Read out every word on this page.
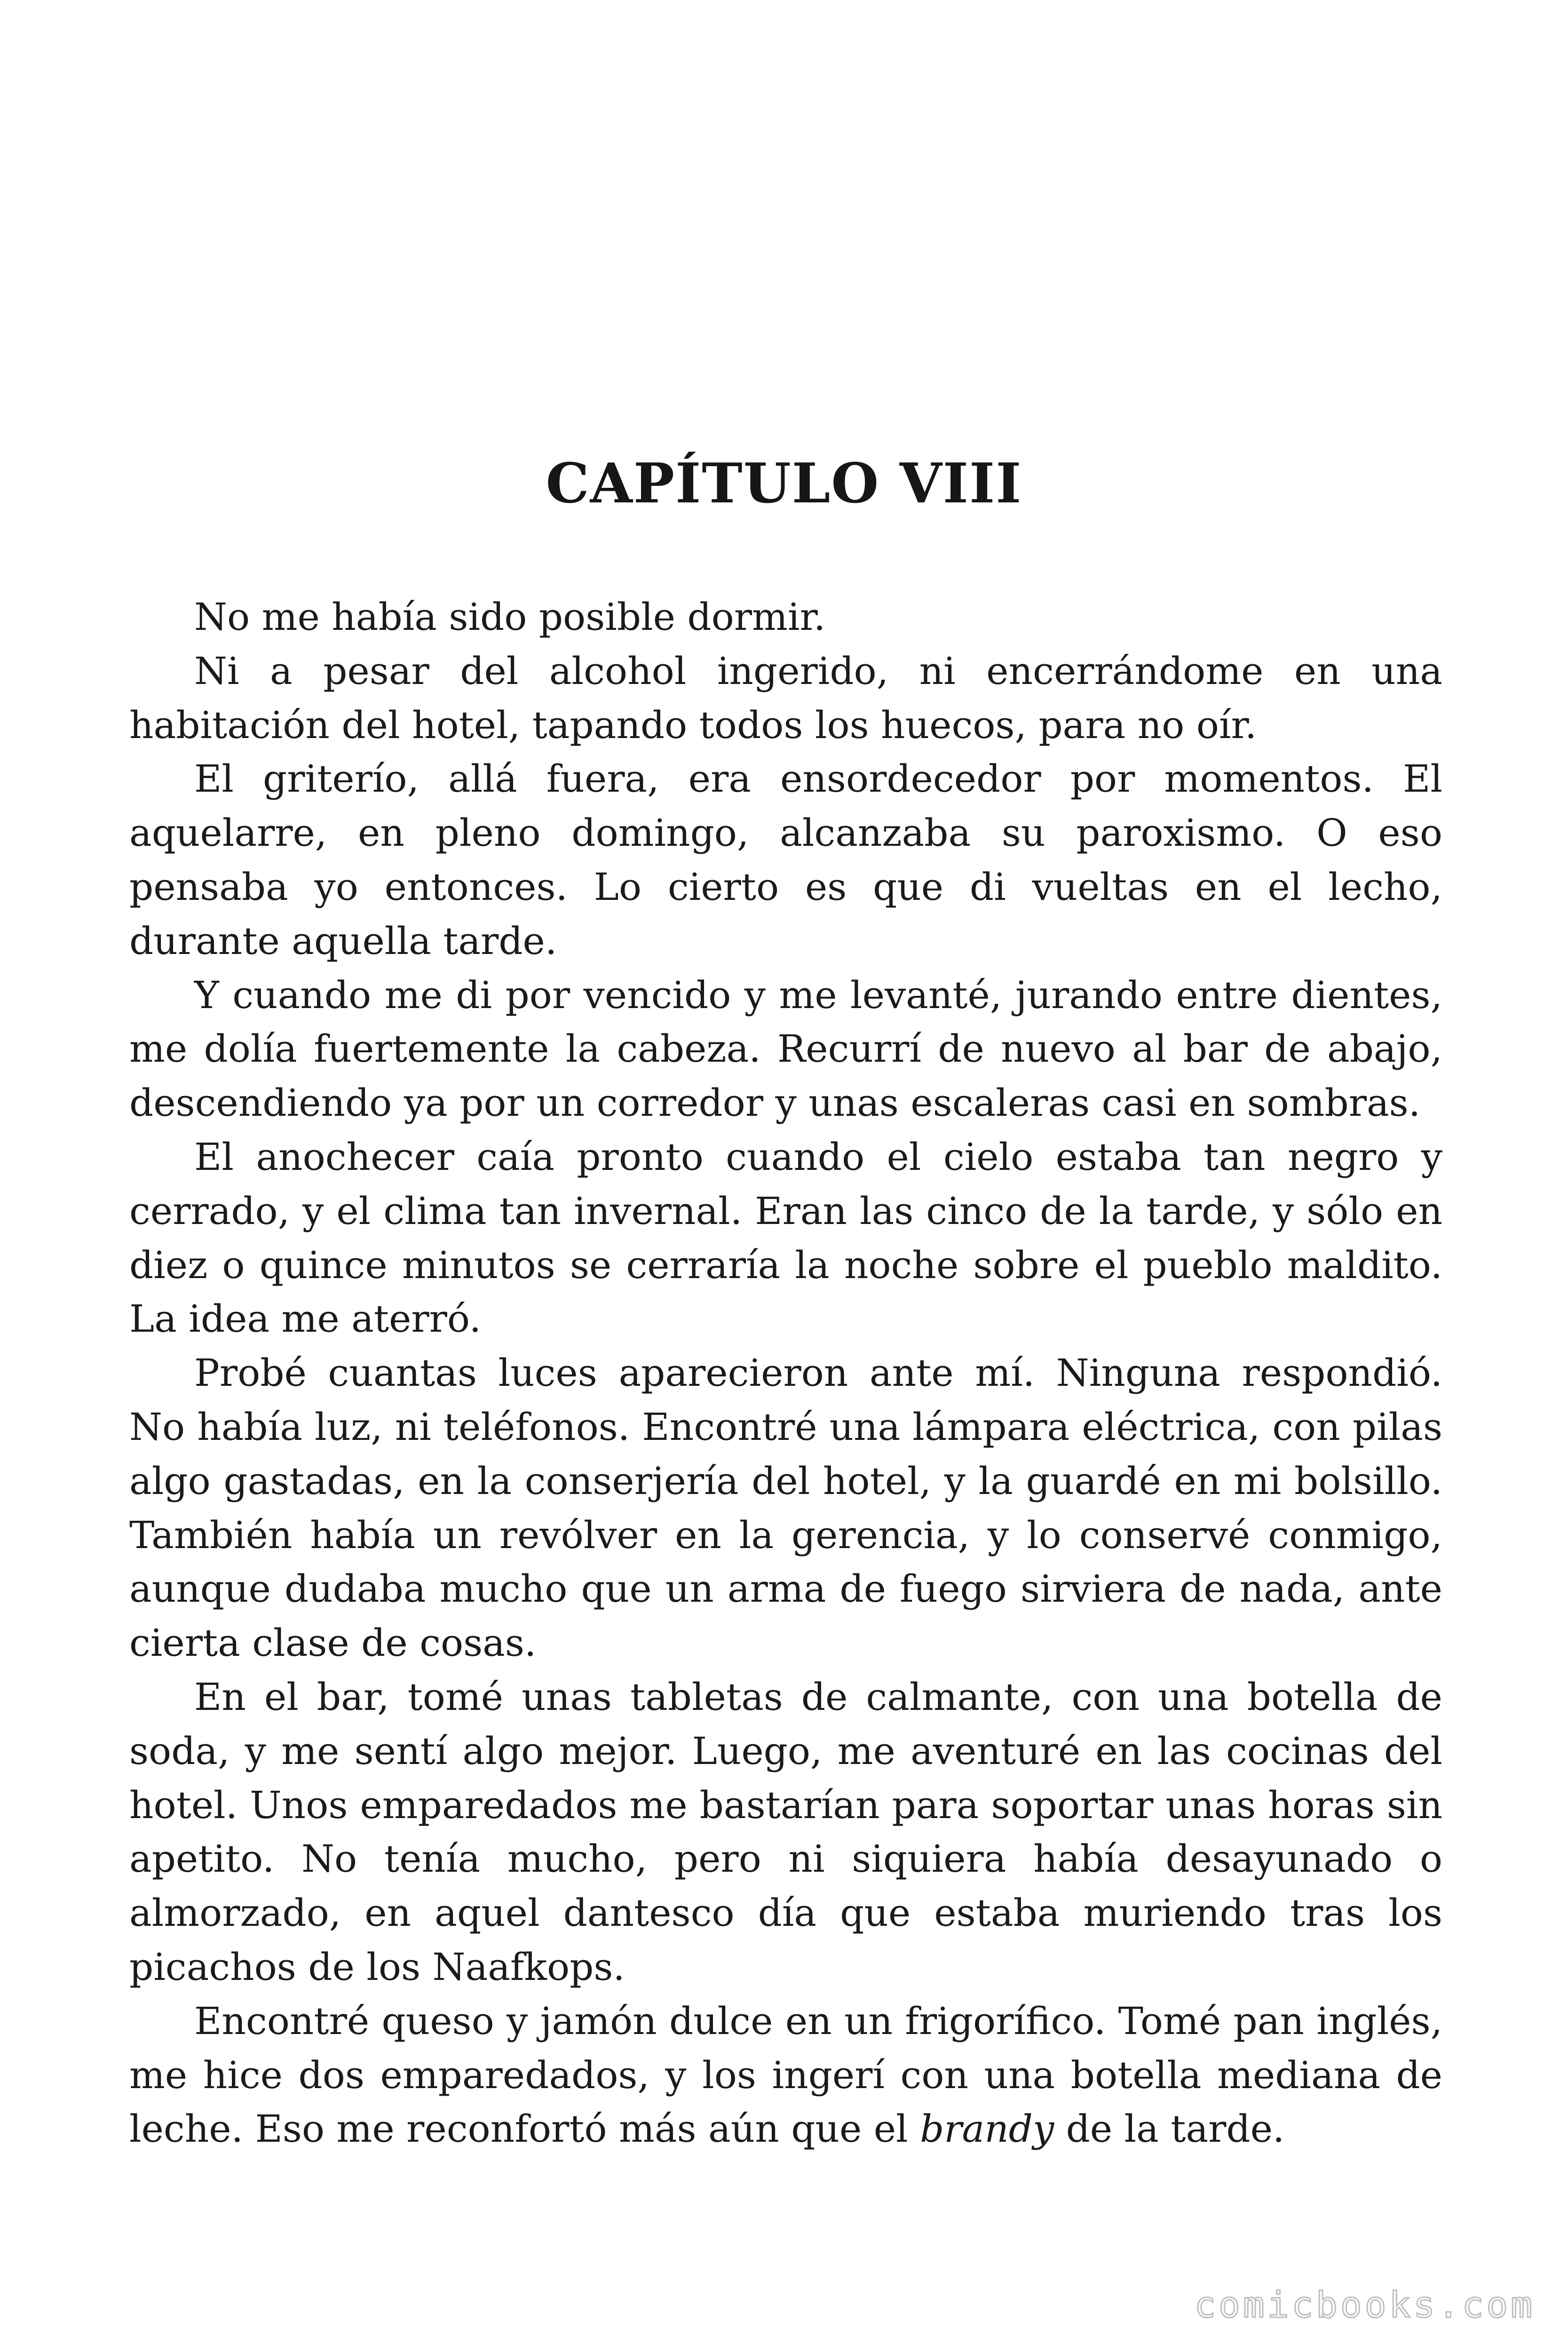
CAPÍTULO VIII

No me había sido posible dormir.

Ni a pesar del alcohol ingerido, ni encerrándome en una habitación del hotel, tapando todos los huecos, para no oír.

El griterío, allá fuera, era ensordecedor por momentos. El aquelarre, en pleno domingo, alcanzaba su paroxismo. O eso pensaba yo entonces. Lo cierto es que di vueltas en el lecho, durante aquella tarde.

Y cuando me di por vencido y me levanté, jurando entre dientes, me dolía fuertemente la cabeza. Recurrí de nuevo al bar de abajo, descendiendo ya por un corredor y unas escaleras casi en sombras.

El anochecer caía pronto cuando el cielo estaba tan negro y cerrado, y el clima tan invernal. Eran las cinco de la tarde, y sólo en diez o quince minutos se cerraría la noche sobre el pueblo maldito. La idea me aterró.

Probé cuantas luces aparecieron ante mí. Ninguna respondió. No había luz, ni teléfonos. Encontré una lámpara eléctrica, con pilas algo gastadas, en la conserjería del hotel, y la guardé en mi bolsillo. También había un revólver en la gerencia, y lo conservé conmigo, aunque dudaba mucho que un arma de fuego sirviera de nada, ante cierta clase de cosas.

En el bar, tomé unas tabletas de calmante, con una botella de soda, y me sentí algo mejor. Luego, me aventuré en las cocinas del hotel. Unos emparedados me bastarían para soportar unas horas sin apetito. No tenía mucho, pero ni siquiera había desayunado o almorzado, en aquel dantesco día que estaba muriendo tras los picachos de los Naafkops.

Encontré queso y jamón dulce en un frigorífico. Tomé pan inglés, me hice dos emparedados, y los ingerí con una botella mediana de leche. Eso me reconfortó más aún que el brandy de la tarde.

comicbooks.com
